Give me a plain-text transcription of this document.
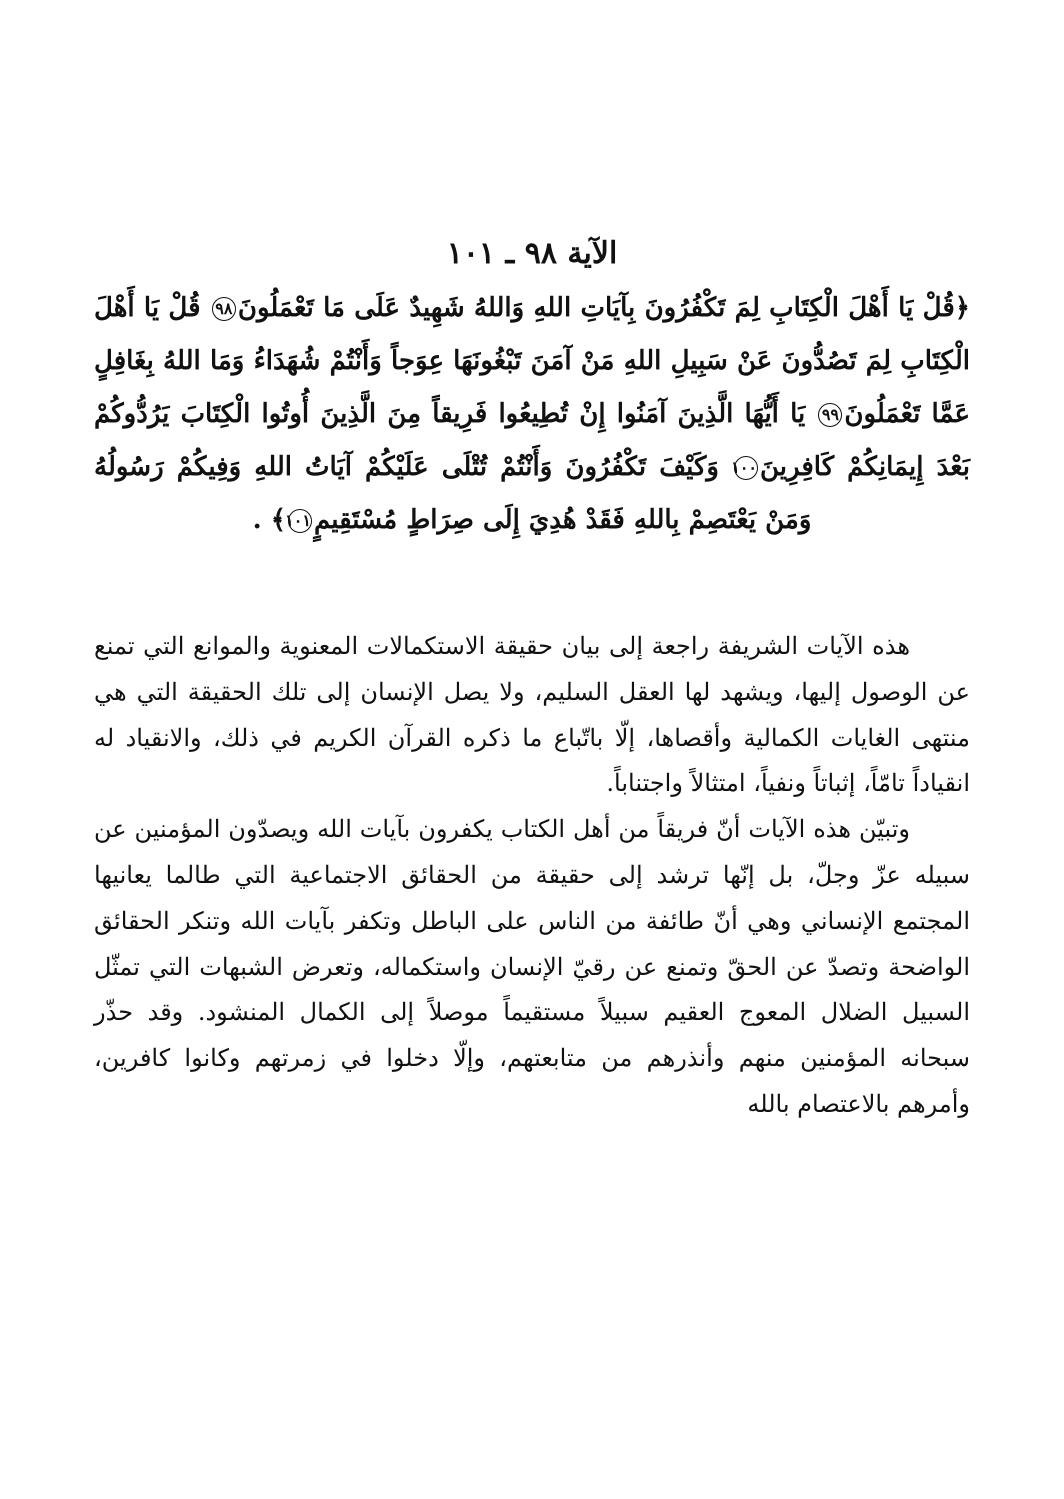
الآية ٩٨ ـ ١٠١
﴿قُلْ يَا أَهْلَ الْكِتَابِ لِمَ تَكْفُرُونَ بِآيَاتِ اللهِ وَاللهُ شَهِيدٌ عَلَى مَا تَعْمَلُونَ٩٨ قُلْ يَا أَهْلَ الْكِتَابِ لِمَ تَصُدُّونَ عَنْ سَبِيلِ اللهِ مَنْ آمَنَ تَبْغُونَهَا عِوَجاً وَأَنْتُمْ شُهَدَاءُ وَمَا اللهُ بِغَافِلٍ عَمَّا تَعْمَلُونَ٩٩ يَا أَيُّهَا الَّذِينَ آمَنُوا إِنْ تُطِيعُوا فَرِيقاً مِنَ الَّذِينَ أُوتُوا الْكِتَابَ يَرُدُّوكُمْ بَعْدَ إِيمَانِكُمْ كَافِرِينَ١٠٠ وَكَيْفَ تَكْفُرُونَ وَأَنْتُمْ تُتْلَى عَلَيْكُمْ آيَاتُ اللهِ وَفِيكُمْ رَسُولُهُ وَمَنْ يَعْتَصِمْ بِاللهِ فَقَدْ هُدِيَ إِلَى صِرَاطٍ مُسْتَقِيمٍ١٠١﴾ .

هذه الآيات الشريفة راجعة إلى بيان حقيقة الاستكمالات المعنوية والموانع التي تمنع عن الوصول إليها، ويشهد لها العقل السليم، ولا يصل الإنسان إلى تلك الحقيقة التي هي منتهى الغايات الكمالية وأقصاها، إلّا باتّباع ما ذكره القرآن الكريم في ذلك، والانقياد له انقياداً تامّاً، إثباتاً ونفياً، امتثالاً واجتناباً.

وتبيّن هذه الآيات أنّ فريقاً من أهل الكتاب يكفرون بآيات الله ويصدّون المؤمنين عن سبيله عزّ وجلّ، بل إنّها ترشد إلى حقيقة من الحقائق الاجتماعية التي طالما يعانيها المجتمع الإنساني وهي أنّ طائفة من الناس على الباطل وتكفر بآيات الله وتنكر الحقائق الواضحة وتصدّ عن الحقّ وتمنع عن رقيّ الإنسان واستكماله، وتعرض الشبهات التي تمثّل السبيل الضلال المعوج العقيم سبيلاً مستقيماً موصلاً إلى الكمال المنشود. وقد حذّر سبحانه المؤمنين منهم وأنذرهم من متابعتهم، وإلّا دخلوا في زمرتهم وكانوا كافرين، وأمرهم بالاعتصام بالله
